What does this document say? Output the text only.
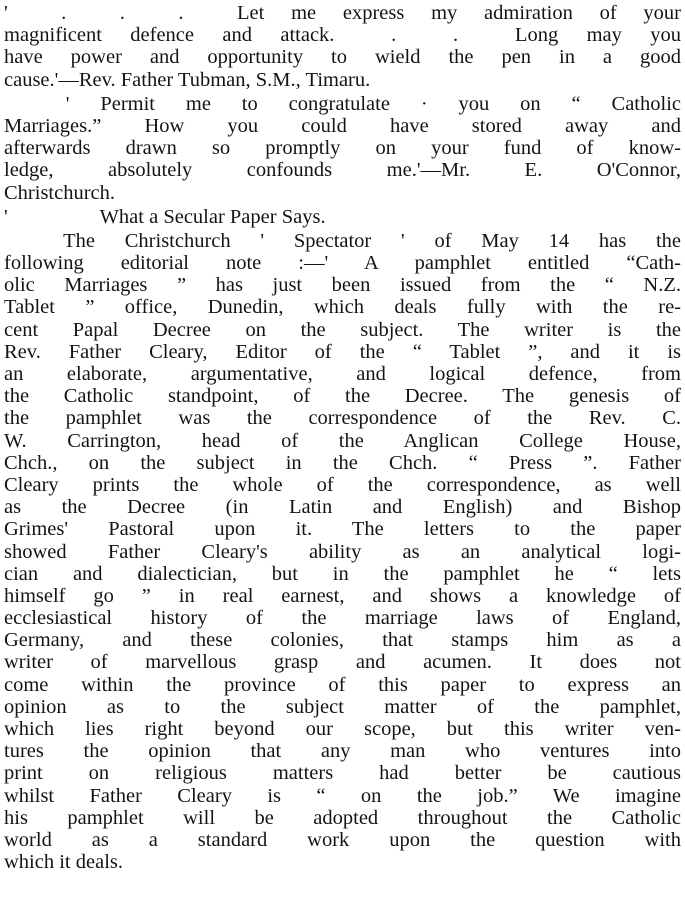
'  .  .  .  Let me express my admiration of your
magnificent defence and attack.  .  .  Long may you
have power and opportunity to wield the pen in a good
cause.'—Rev. Father Tubman, S.M., Timaru.
' Permit me to congratulate · you on “ Catholic
Marriages.” How you could have stored away and
afterwards drawn so promptly on your fund of know-
ledge, absolutely confounds me.'—Mr. E. O'Connor,
Christchurch.
'                  What a Secular Paper Says.
The Christchurch ' Spectator ' of May 14 has the
following editorial note :—' A pamphlet entitled “Cath-
olic Marriages ” has just been issued from the “ N.Z.
Tablet ” office, Dunedin, which deals fully with the re-
cent Papal Decree on the subject. The writer is the
Rev. Father Cleary, Editor of the “ Tablet ”, and it is
an elaborate, argumentative, and logical defence, from
the Catholic standpoint, of the Decree. The genesis of
the pamphlet was the correspondence of the Rev. C.
W. Carrington, head of the Anglican College House,
Chch., on the subject in the Chch. “ Press ”. Father
Cleary prints the whole of the correspondence, as well
as the Decree (in Latin and English) and Bishop
Grimes' Pastoral upon it. The letters to the paper
showed Father Cleary's ability as an analytical logi-
cian and dialectician, but in the pamphlet he “ lets
himself go ” in real earnest, and shows a knowledge of
ecclesiastical history of the marriage laws of England,
Germany, and these colonies, that stamps him as a
writer of marvellous grasp and acumen. It does not
come within the province of this paper to express an
opinion as to the subject matter of the pamphlet,
which lies right beyond our scope, but this writer ven-
tures the opinion that any man who ventures into
print on religious matters had better be cautious
whilst Father Cleary is “ on the job.” We imagine
his pamphlet will be adopted throughout the Catholic
world as a standard work upon the question with
which it deals.
